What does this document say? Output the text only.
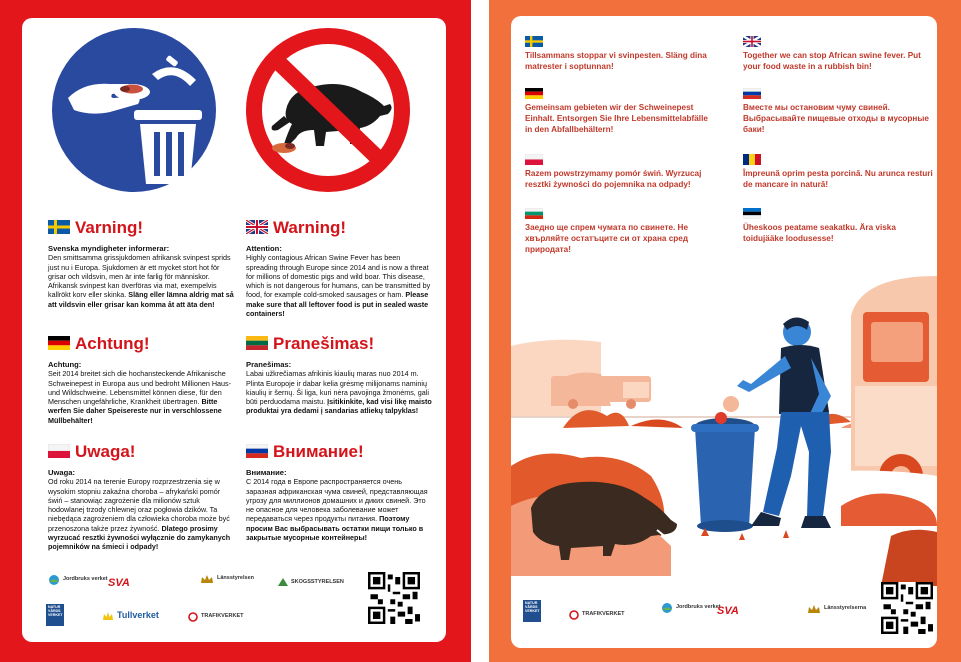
Varning!
Svenska myndigheter informerar:

Den smittsamma grissjukdomen afrikansk svinpest sprids just nu i Europa. Sjukdomen är ett mycket stort hot för grisar och vildsvin, men är inte farlig för människor. Afrikansk svinpest kan överföras via mat, exempelvis kallrökt korv eller skinka. Släng eller lämna aldrig mat så att vildsvin eller grisar kan komma åt att äta den!

Warning!
Attention:

Highly contagious African Swine Fever has been spreading through Europe since 2014 and is now a threat for millions of domestic pigs and wild boar. This disease, which is not dangerous for humans, can be transmitted by food, for example cold-smoked sausages or ham. Please make sure that all leftover food is put in sealed waste containers!

Achtung!
Achtung:

Seit 2014 breitet sich die hochansteckende Afrikanische Schweinepest in Europa aus und bedroht Millionen Haus- und Wildschweine. Lebensmittel können diese, für den Menschen ungefährliche, Krankheit übertragen. Bitte werfen Sie daher Speisereste nur in verschlossene Müllbehälter!

Pranešimas!
Pranešimas:

Labai užkrečiamas afrikinis kiaulių maras nuo 2014 m. Plinta Europoje ir dabar kelia grėsmę milijonams naminių kiaulių ir šernų. Ši liga, kuri nėra pavojinga žmonėms, gali būti perduodama maistu. Įsitikinkite, kad visi likę maisto produktai yra dedami į sandarias atliekų talpyklas!

Uwaga!
Uwaga:

Od roku 2014 na terenie Europy rozprzestrzenia się w wysokim stopniu zakaźna choroba – afrykański pomór świń – stanowiąc zagrożenie dla milionów sztuk hodowlanej trzody chlewnej oraz pogłowia dzików. Ta niebędąca zagrożeniem dla człowieka choroba może być przenoszona także przez żywność. Dlatego prosimy wyrzucać resztki żywności wyłącznie do zamykanych pojemników na śmieci i odpady!

Внимание!
Внимание:

С 2014 года в Европе распространяется очень заразная африканская чума свиней, представляющая угрозу для миллионов домашних и диких свиней. Это не опасное для человека заболевание может передаваться через продукты питания. Поэтому просим Вас выбрасывать остатки пищи только в закрытые мусорные контейнеры!

Jordbruks verket SVA	Länsstyrelsen
SKOGSSTYRELSEN
NATUR VÅRDS VERKET	Tullverket	TRAFIKVERKET
Tillsammans stoppar vi svinpesten. Släng dina matrester i soptunnan!
Together we can stop African swine fever. Put your food waste in a rubbish bin!
Gemeinsam gebieten wir der Schweinepest Einhalt. Entsorgen Sie Ihre Lebensmittelabfälle in den Abfallbehältern!
Вместе мы остановим чуму свиней. Выбрасывайте пищевые отходы в мусорные баки!
Razem powstrzymamy pomór świń. Wyrzucaj resztki żywności do pojemnika na odpady!
Împreună oprim pesta porcină. Nu arunca resturi de mancare in natură!
Заедно ще спрем чумата по свинете. Не хвърляйте остатъците си от храна сред природата!
Üheskoos peatame seakatku. Ära viska toidujääke loodusesse!
NATUR VÅRDS VERKET
TRAFIKVERKET
Jordbruks verket
SVA	Länsstyrelserna
